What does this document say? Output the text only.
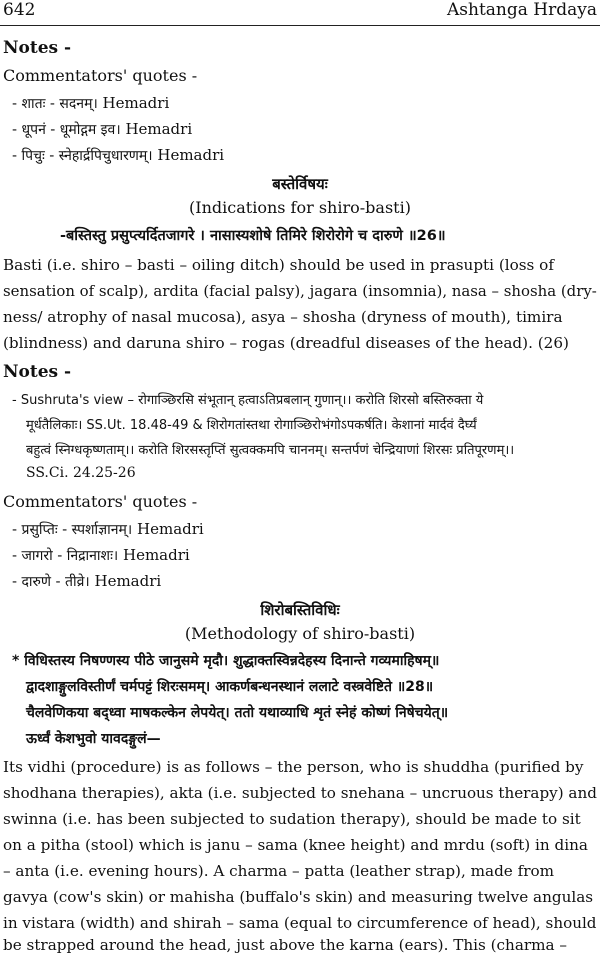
642	Ashtanga Hrdaya
Notes -
Commentators' quotes -
- शातः - सदनम्। Hemadri
- धूपनं - धूमोद्गम इव। Hemadri
- पिचुः - स्नेहार्द्रपिचुधारणम्। Hemadri
बस्तेर्विषयः
(Indications for shiro-basti)
-बस्तिस्तु प्रसुप्त्यर्दितजागरे । नासास्यशोषे तिमिरे शिरोरोगे च दारुणे ॥26॥
Basti (i.e. shiro – basti – oiling ditch) should be used in prasupti (loss of
sensation of scalp), ardita (facial palsy), jagara (insomnia), nasa – shosha (dry-
ness/ atrophy of nasal mucosa), asya – shosha (dryness of mouth), timira
(blindness) and daruna shiro – rogas (dreadful diseases of the head). (26)
Notes -
- Sushruta's view – रोगाञ्छिरसि संभूतान् हत्वाऽतिप्रबलान् गुणान्।। करोति शिरसो बस्तिरुक्ता ये
मूर्धतैलिकाः। SS.Ut. 18.48-49 & शिरोगतांस्तथा रोगाञ्छिरोभंगोऽपकर्षति। केशानां मार्दवं दैर्घ्यं
बहुत्वं स्निग्धकृष्णताम्।। करोति शिरसस्तृप्तिं सुत्वक्कमपि चाननम्। सन्तर्पणं चेन्द्रियाणां शिरसः प्रतिपूरणम्।।
SS.Ci. 24.25-26
Commentators' quotes -
- प्रसुप्तिः - स्पर्शाज्ञानम्। Hemadri
- जागरो - निद्रानाशः। Hemadri
- दारुणे - तीव्रे। Hemadri
शिरोबस्तिविधिः
(Methodology of shiro-basti)
* विधिस्तस्य निषण्णस्य पीठे जानुसमे मृदौ। शुद्धाक्तस्विन्नदेहस्य दिनान्ते गव्यमाहिषम्॥
द्वादशाङ्गुलविस्तीर्णं चर्मपट्टं शिरःसमम्। आकर्णबन्धनस्थानं ललाटे वस्त्रवेष्टिते ॥28॥
चैलवेणिकया बद्ध्वा माषकल्केन लेपयेत्। ततो यथाव्याधि शृतं स्नेहं कोष्णं निषेचयेत्॥
ऊर्ध्वं केशभुवो यावदङ्गुलं—
Its vidhi (procedure) is as follows – the person, who is shuddha (purified by
shodhana therapies), akta (i.e. subjected to snehana – uncruous therapy) and
swinna (i.e. has been subjected to sudation therapy), should be made to sit
on a pitha (stool) which is janu – sama (knee height) and mrdu (soft) in dina
– anta (i.e. evening hours). A charma – patta (leather strap), made from
gavya (cow's skin) or mahisha (buffalo's skin) and measuring twelve angulas
in vistara (width) and shirah – sama (equal to circumference of head), should
be strapped around the head, just above the karna (ears). This (charma –
